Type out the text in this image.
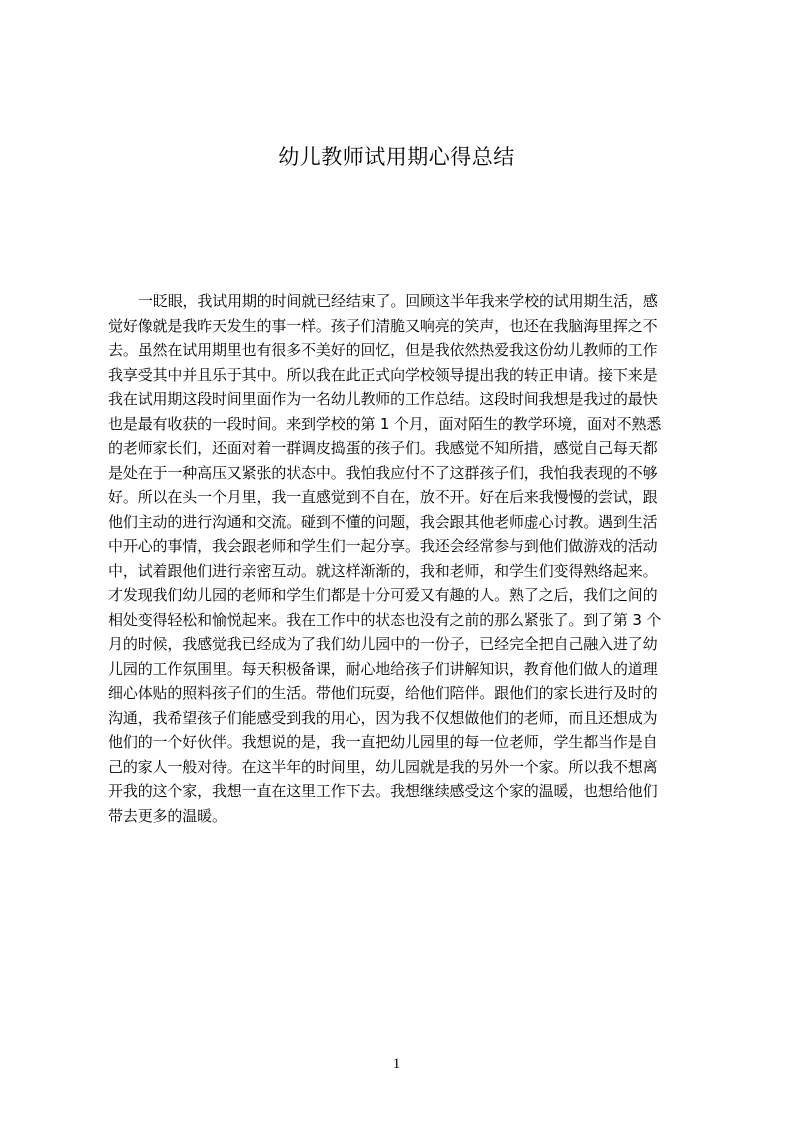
幼儿教师试用期心得总结
一眨眼，我试用期的时间就已经结束了。回顾这半年我来学校的试用期生活，感
觉好像就是我昨天发生的事一样。孩子们清脆又响亮的笑声，也还在我脑海里挥之不
去。虽然在试用期里也有很多不美好的回忆，但是我依然热爱我这份幼儿教师的工作
我享受其中并且乐于其中。所以我在此正式向学校领导提出我的转正申请。接下来是
我在试用期这段时间里面作为一名幼儿教师的工作总结。这段时间我想是我过的最快
也是最有收获的一段时间。来到学校的第 1 个月，面对陌生的教学环境，面对不熟悉
的老师家长们，还面对着一群调皮捣蛋的孩子们。我感觉不知所措，感觉自己每天都
是处在于一种高压又紧张的状态中。我怕我应付不了这群孩子们，我怕我表现的不够
好。所以在头一个月里，我一直感觉到不自在，放不开。好在后来我慢慢的尝试，跟
他们主动的进行沟通和交流。碰到不懂的问题，我会跟其他老师虚心讨教。遇到生活
中开心的事情，我会跟老师和学生们一起分享。我还会经常参与到他们做游戏的活动
中，试着跟他们进行亲密互动。就这样渐渐的，我和老师，和学生们变得熟络起来。
才发现我们幼儿园的老师和学生们都是十分可爱又有趣的人。熟了之后，我们之间的
相处变得轻松和愉悦起来。我在工作中的状态也没有之前的那么紧张了。到了第 3 个
月的时候，我感觉我已经成为了我们幼儿园中的一份子，已经完全把自己融入进了幼
儿园的工作氛围里。每天积极备课，耐心地给孩子们讲解知识，教育他们做人的道理
细心体贴的照料孩子们的生活。带他们玩耍，给他们陪伴。跟他们的家长进行及时的
沟通，我希望孩子们能感受到我的用心，因为我不仅想做他们的老师，而且还想成为
他们的一个好伙伴。我想说的是，我一直把幼儿园里的每一位老师，学生都当作是自
己的家人一般对待。在这半年的时间里，幼儿园就是我的另外一个家。所以我不想离
开我的这个家，我想一直在这里工作下去。我想继续感受这个家的温暖，也想给他们
带去更多的温暖。
1
